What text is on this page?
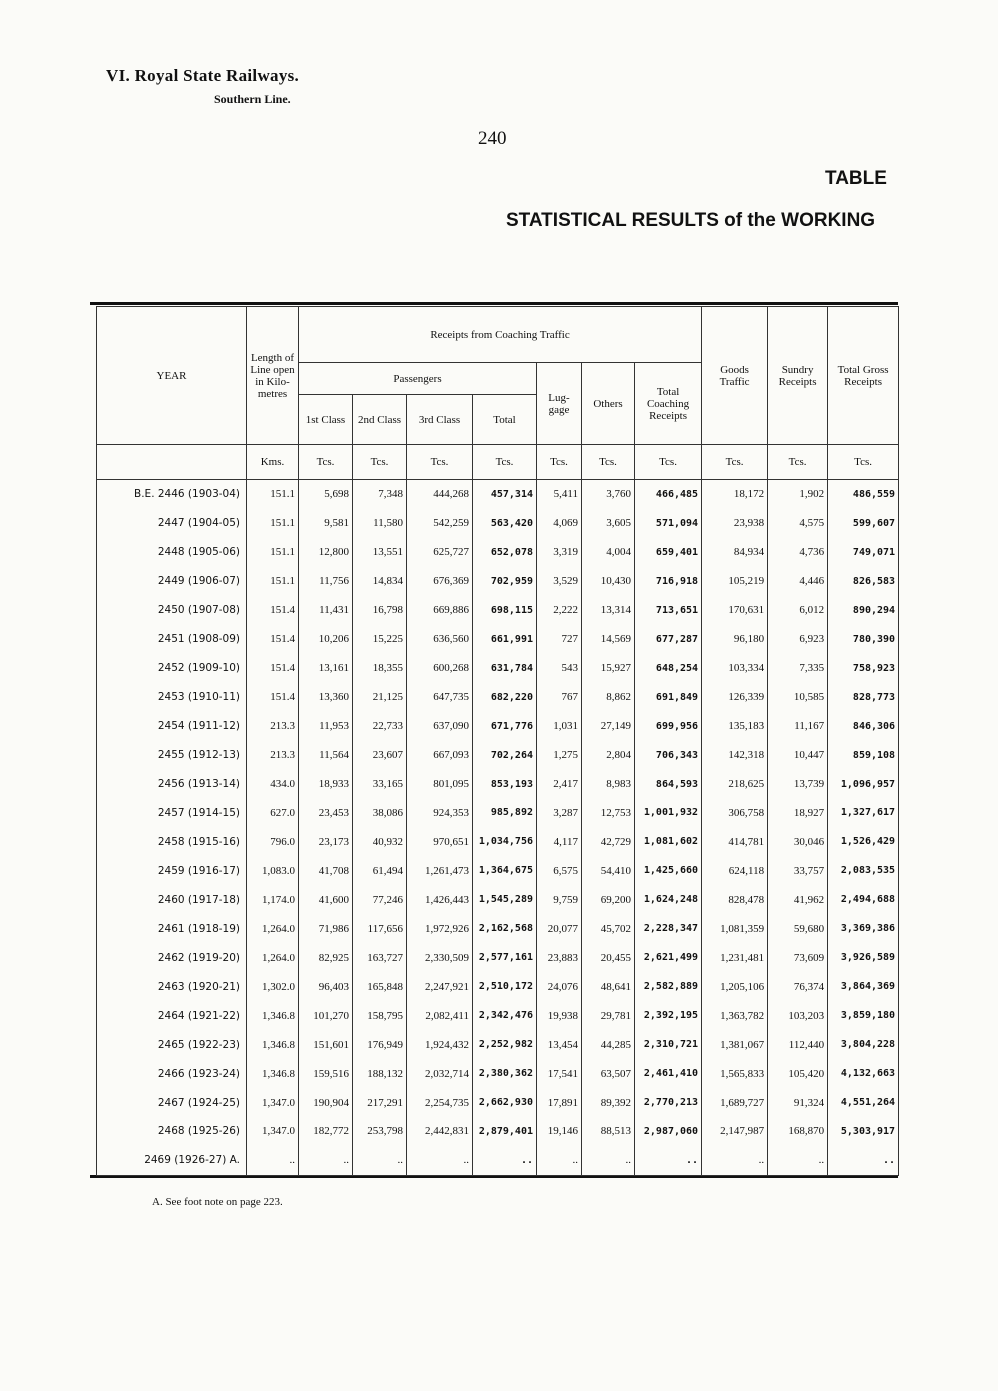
VI. Royal State Railways.
Southern Line.
240
TABLE
STATISTICAL RESULTS of the WORKING
YEAR	Length of Line open in Kilo- metres	Receipts from Coaching Traffic							Goods Traffic	Sundry Receipts	Total Gross Receipts
		Passengers				Lug- gage	Others	Total Coaching Receipts			
		1st Class	2nd Class	3rd Class	Total						
	Kms.	Tcs.	Tcs.	Tcs.	Tcs.	Tcs.	Tcs.	Tcs.	Tcs.	Tcs.	Tcs.
B.E. 2446 (1903-04)	151.1	5,698	7,348	444,268	457,314	5,411	3,760	466,485	18,172	1,902	486,559
2447 (1904-05)	151.1	9,581	11,580	542,259	563,420	4,069	3,605	571,094	23,938	4,575	599,607
2448 (1905-06)	151.1	12,800	13,551	625,727	652,078	3,319	4,004	659,401	84,934	4,736	749,071
2449 (1906-07)	151.1	11,756	14,834	676,369	702,959	3,529	10,430	716,918	105,219	4,446	826,583
2450 (1907-08)	151.4	11,431	16,798	669,886	698,115	2,222	13,314	713,651	170,631	6,012	890,294
2451 (1908-09)	151.4	10,206	15,225	636,560	661,991	727	14,569	677,287	96,180	6,923	780,390
2452 (1909-10)	151.4	13,161	18,355	600,268	631,784	543	15,927	648,254	103,334	7,335	758,923
2453 (1910-11)	151.4	13,360	21,125	647,735	682,220	767	8,862	691,849	126,339	10,585	828,773
2454 (1911-12)	213.3	11,953	22,733	637,090	671,776	1,031	27,149	699,956	135,183	11,167	846,306
2455 (1912-13)	213.3	11,564	23,607	667,093	702,264	1,275	2,804	706,343	142,318	10,447	859,108
2456 (1913-14)	434.0	18,933	33,165	801,095	853,193	2,417	8,983	864,593	218,625	13,739	1,096,957
2457 (1914-15)	627.0	23,453	38,086	924,353	985,892	3,287	12,753	1,001,932	306,758	18,927	1,327,617
2458 (1915-16)	796.0	23,173	40,932	970,651	1,034,756	4,117	42,729	1,081,602	414,781	30,046	1,526,429
2459 (1916-17)	1,083.0	41,708	61,494	1,261,473	1,364,675	6,575	54,410	1,425,660	624,118	33,757	2,083,535
2460 (1917-18)	1,174.0	41,600	77,246	1,426,443	1,545,289	9,759	69,200	1,624,248	828,478	41,962	2,494,688
2461 (1918-19)	1,264.0	71,986	117,656	1,972,926	2,162,568	20,077	45,702	2,228,347	1,081,359	59,680	3,369,386
2462 (1919-20)	1,264.0	82,925	163,727	2,330,509	2,577,161	23,883	20,455	2,621,499	1,231,481	73,609	3,926,589
2463 (1920-21)	1,302.0	96,403	165,848	2,247,921	2,510,172	24,076	48,641	2,582,889	1,205,106	76,374	3,864,369
2464 (1921-22)	1,346.8	101,270	158,795	2,082,411	2,342,476	19,938	29,781	2,392,195	1,363,782	103,203	3,859,180
2465 (1922-23)	1,346.8	151,601	176,949	1,924,432	2,252,982	13,454	44,285	2,310,721	1,381,067	112,440	3,804,228
2466 (1923-24)	1,346.8	159,516	188,132	2,032,714	2,380,362	17,541	63,507	2,461,410	1,565,833	105,420	4,132,663
2467 (1924-25)	1,347.0	190,904	217,291	2,254,735	2,662,930	17,891	89,392	2,770,213	1,689,727	91,324	4,551,264
2468 (1925-26)	1,347.0	182,772	253,798	2,442,831	2,879,401	19,146	88,513	2,987,060	2,147,987	168,870	5,303,917
2469 (1926-27) A.	..	..	..	..	..	..	..	..	..	..	..
A. See foot note on page 223.
